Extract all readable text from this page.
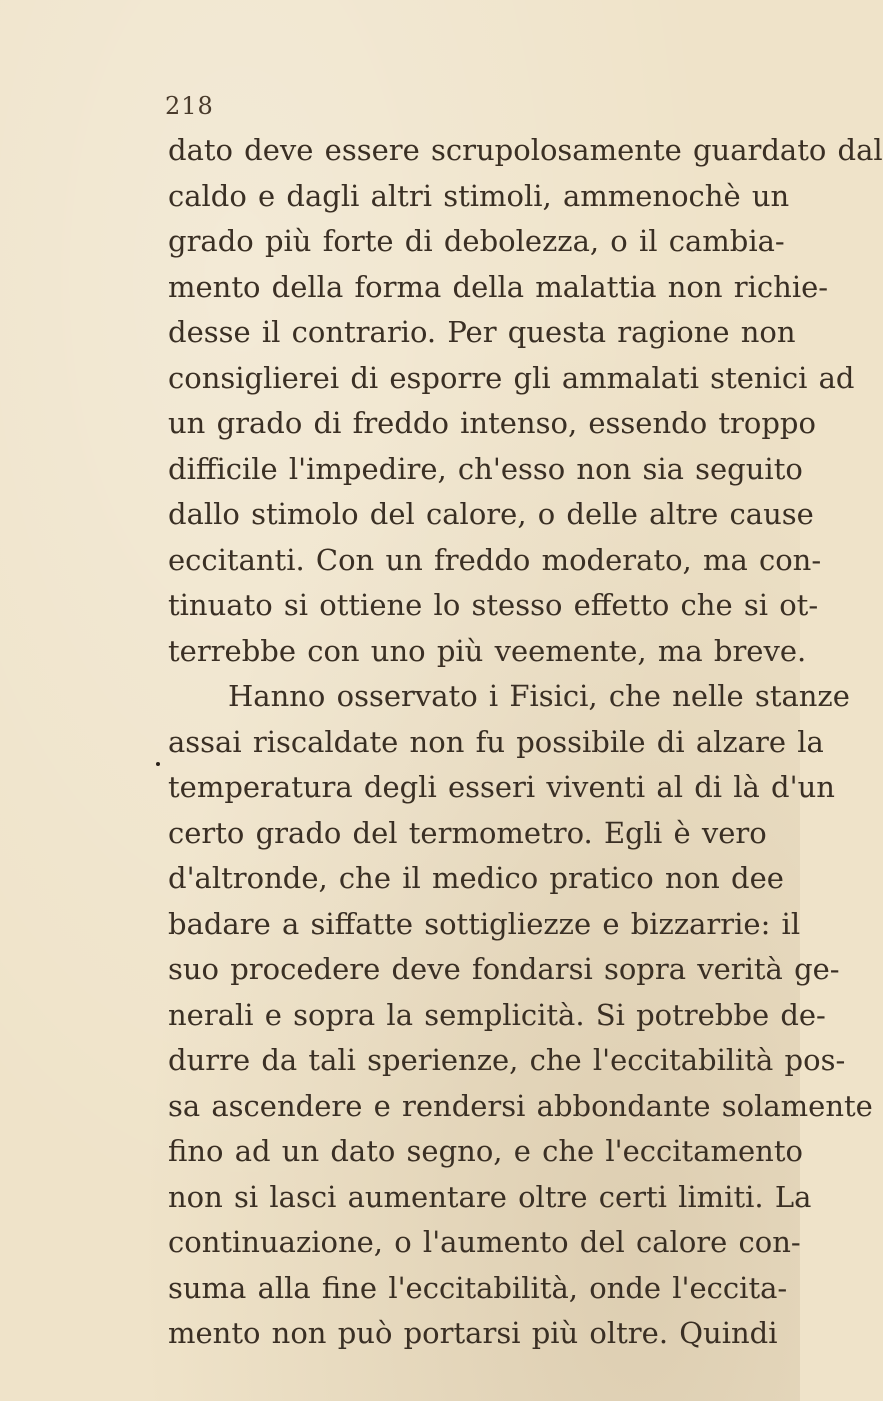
218
dato deve essere scrupolosamente guardato dal
caldo e dagli altri stimoli, ammenochè un
grado più forte di debolezza, o il cambia-
mento della forma della malattia non richie-
desse il contrario. Per questa ragione non
consiglierei di esporre gli ammalati stenici ad
un grado di freddo intenso, essendo troppo
difficile l'impedire, ch'esso non sia seguito
dallo stimolo del calore, o delle altre cause
eccitanti. Con un freddo moderato, ma con-
tinuato si ottiene lo stesso effetto che si ot-
terrebbe con uno più veemente, ma breve.
Hanno osservato i Fisici, che nelle stanze
assai riscaldate non fu possibile di alzare la
temperatura degli esseri viventi al di là d'un
certo grado del termometro. Egli è vero
d'altronde, che il medico pratico non dee
badare a siffatte sottigliezze e bizzarrie: il
suo procedere deve fondarsi sopra verità ge-
nerali e sopra la semplicità. Si potrebbe de-
durre da tali sperienze, che l'eccitabilità pos-
sa ascendere e rendersi abbondante solamente
fino ad un dato segno, e che l'eccitamento
non si lasci aumentare oltre certi limiti. La
continuazione, o l'aumento del calore con-
suma alla fine l'eccitabilità, onde l'eccita-
mento non può portarsi più oltre. Quindi
